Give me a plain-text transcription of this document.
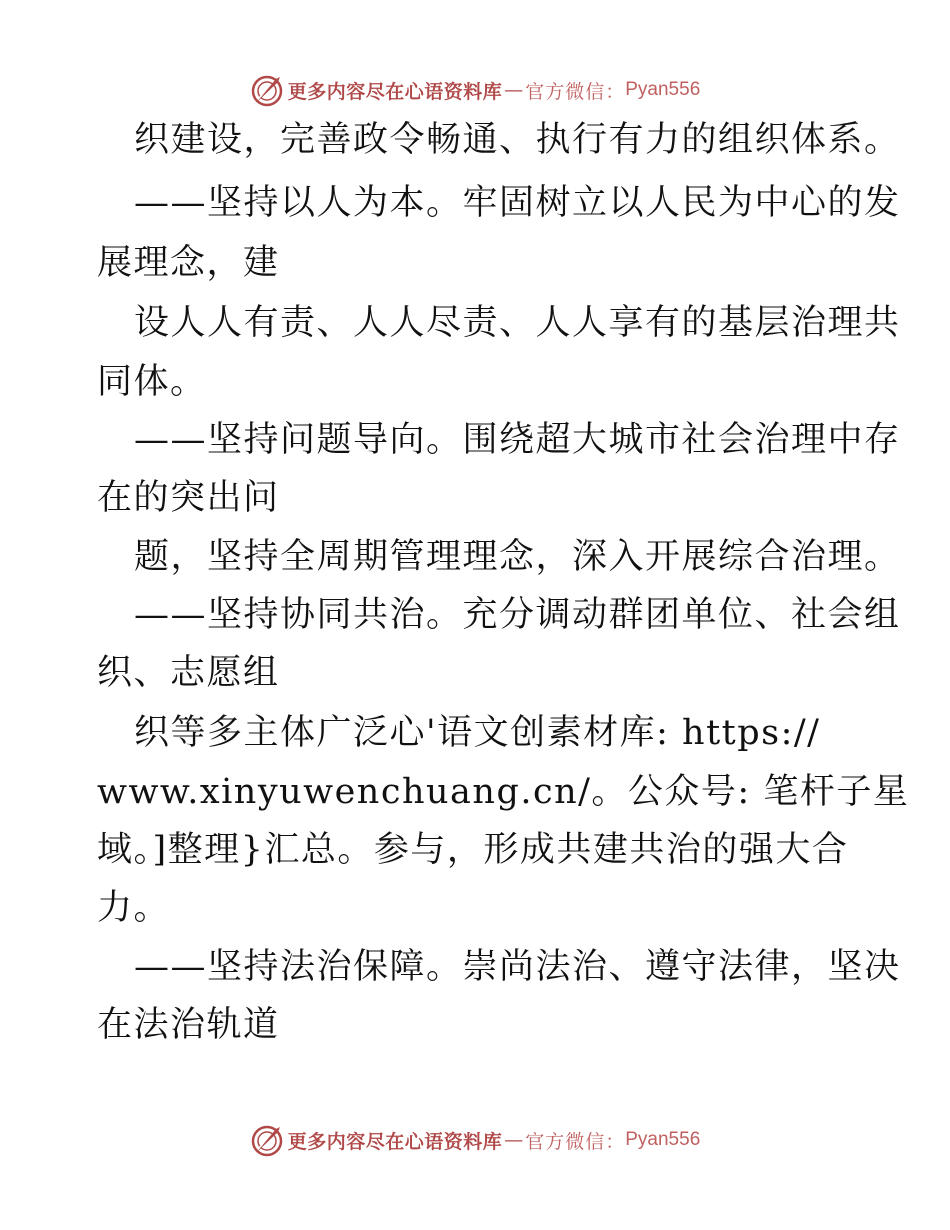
更多内容尽在心语资料库 — 官方微信： Pyan556
织建设，完善政令畅通、执行有力的组织体系。
——坚持以人为本。牢固树立以人民为中心的发
展理念，建
设人人有责、人人尽责、人人享有的基层治理共
同体。
——坚持问题导向。围绕超大城市社会治理中存
在的突出问
题，坚持全周期管理理念，深入开展综合治理。
——坚持协同共治。充分调动群团单位、社会组
织、志愿组
织等多主体广泛心'语文创素材库: https://
www.xinyuwenchuang.cn/。公众号: 笔杆子星
域。]整理}汇总。参与，形成共建共治的强大合
力。
——坚持法治保障。崇尚法治、遵守法律，坚决
在法治轨道
更多内容尽在心语资料库 — 官方微信： Pyan556
